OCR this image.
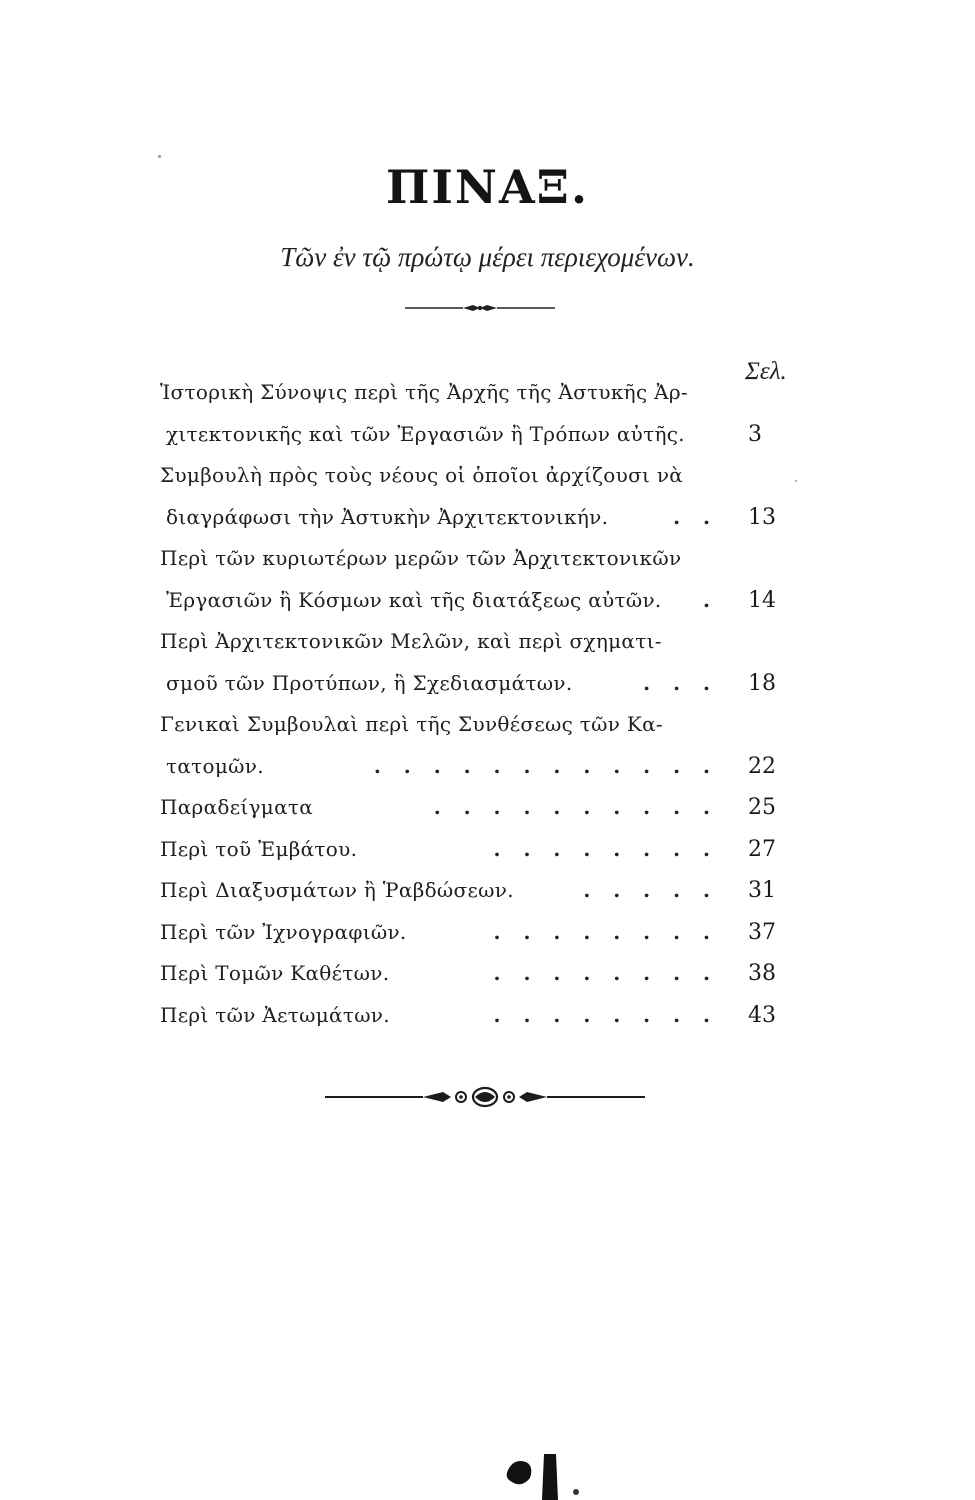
ΠΙΝΑΞ.
Τῶν ἐν τῷ πρώτῳ μέρει περιεχομένων.
Σελ.
Ἱστορικὴ Σύνοψις περὶ τῆς Ἀρχῆς τῆς Ἀστυκῆς Ἀρ-
χιτεκτονικῆς καὶ τῶν Ἐργασιῶν ἢ Τρόπων αὐτῆς.	3
Συμβουλὴ πρὸς τοὺς νέους οἱ ὁποῖοι ἀρχίζουσι νὰ
διαγράφωσι τὴν Ἀστυκὴν Ἀρχιτεκτονικήν.	. . 13
Περὶ τῶν κυριωτέρων μερῶν τῶν Ἀρχιτεκτονικῶν
Ἐργασιῶν ἢ Κόσμων καὶ τῆς διατάξεως αὐτῶν. . 14
Περὶ Ἀρχιτεκτονικῶν Μελῶν, καὶ περὶ σχηματι-
σμοῦ τῶν Προτύπων, ἢ Σχεδιασμάτων.	. . . 18
Γενικαὶ Συμβουλαὶ περὶ τῆς Συνθέσεως τῶν Κα-
τατομῶν.	. . . . . . . . . . . . 22
Παραδείγματα	. . . . . . . . . . 25
Περὶ τοῦ Ἐμβάτου.	. . . . . . . . 27
Περὶ Διαξυσμάτων ἢ Ῥαβδώσεων.	. . . . . 31
Περὶ τῶν Ἰχνογραφιῶν.	. . . . . . . . 37
Περὶ Τομῶν Καθέτων.	. . . . . . . . 38
Περὶ τῶν Ἀετωμάτων.	. . . . . . . . 43
